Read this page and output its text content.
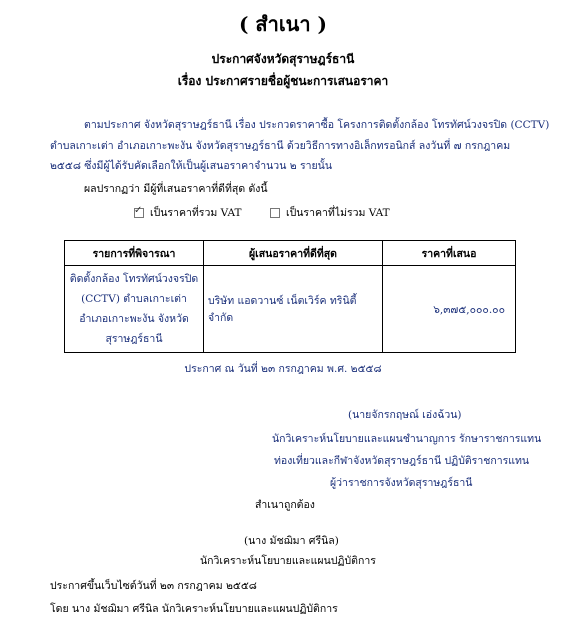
( สำเนา )
ประกาศจังหวัดสุราษฎร์ธานี
เรื่อง ประกาศรายชื่อผู้ชนะการเสนอราคา
ตามประกาศ จังหวัดสุราษฎร์ธานี เรื่อง ประกวดราคาซื้อ โครงการติดตั้งกล้อง โทรทัศน์วงจรปิด (CCTV)
ตำบลเกาะเต่า อำเภอเกาะพะงัน จังหวัดสุราษฎร์ธานี ด้วยวิธีการทางอิเล็กทรอนิกส์ ลงวันที่ ๗ กรกฎาคม
๒๕๕๘ ซึ่งมีผู้ได้รับคัดเลือกให้เป็นผู้เสนอราคาจำนวน ๒ รายนั้น
ผลปรากฏว่า มีผู้ที่เสนอราคาที่ดีที่สุด ดังนี้
✓
เป็นราคาที่รวม VAT	เป็นราคาที่ไม่รวม VAT
รายการที่พิจารณา	ผู้เสนอราคาที่ดีที่สุด	ราคาที่เสนอ
ติดตั้งกล้อง โทรทัศน์วงจรปิด (CCTV) ตำบลเกาะเต่า อำเภอเกาะพะงัน จังหวัดสุราษฎร์ธานี	บริษัท แอดวานซ์ เน็ตเวิร์ค ทรินิตี้ จำกัด	๖,๓๗๕,๐๐๐.๐๐
ประกาศ ณ วันที่ ๒๓ กรกฎาคม พ.ศ. ๒๕๕๘
(นายจักรกฤษณ์ เอ่งฉ้วน)
นักวิเคราะห์นโยบายและแผนชำนาญการ รักษาราชการแทน
ท่องเที่ยวและกีฬาจังหวัดสุราษฎร์ธานี ปฏิบัติราชการแทน
ผู้ว่าราชการจังหวัดสุราษฎร์ธานี
สำเนาถูกต้อง
(นาง มัชฌิมา ศรีนิล)
นักวิเคราะห์นโยบายและแผนปฏิบัติการ
ประกาศขึ้นเว็บไซต์วันที่ ๒๓ กรกฎาคม ๒๕๕๘
โดย นาง มัชฌิมา ศรีนิล นักวิเคราะห์นโยบายและแผนปฏิบัติการ
